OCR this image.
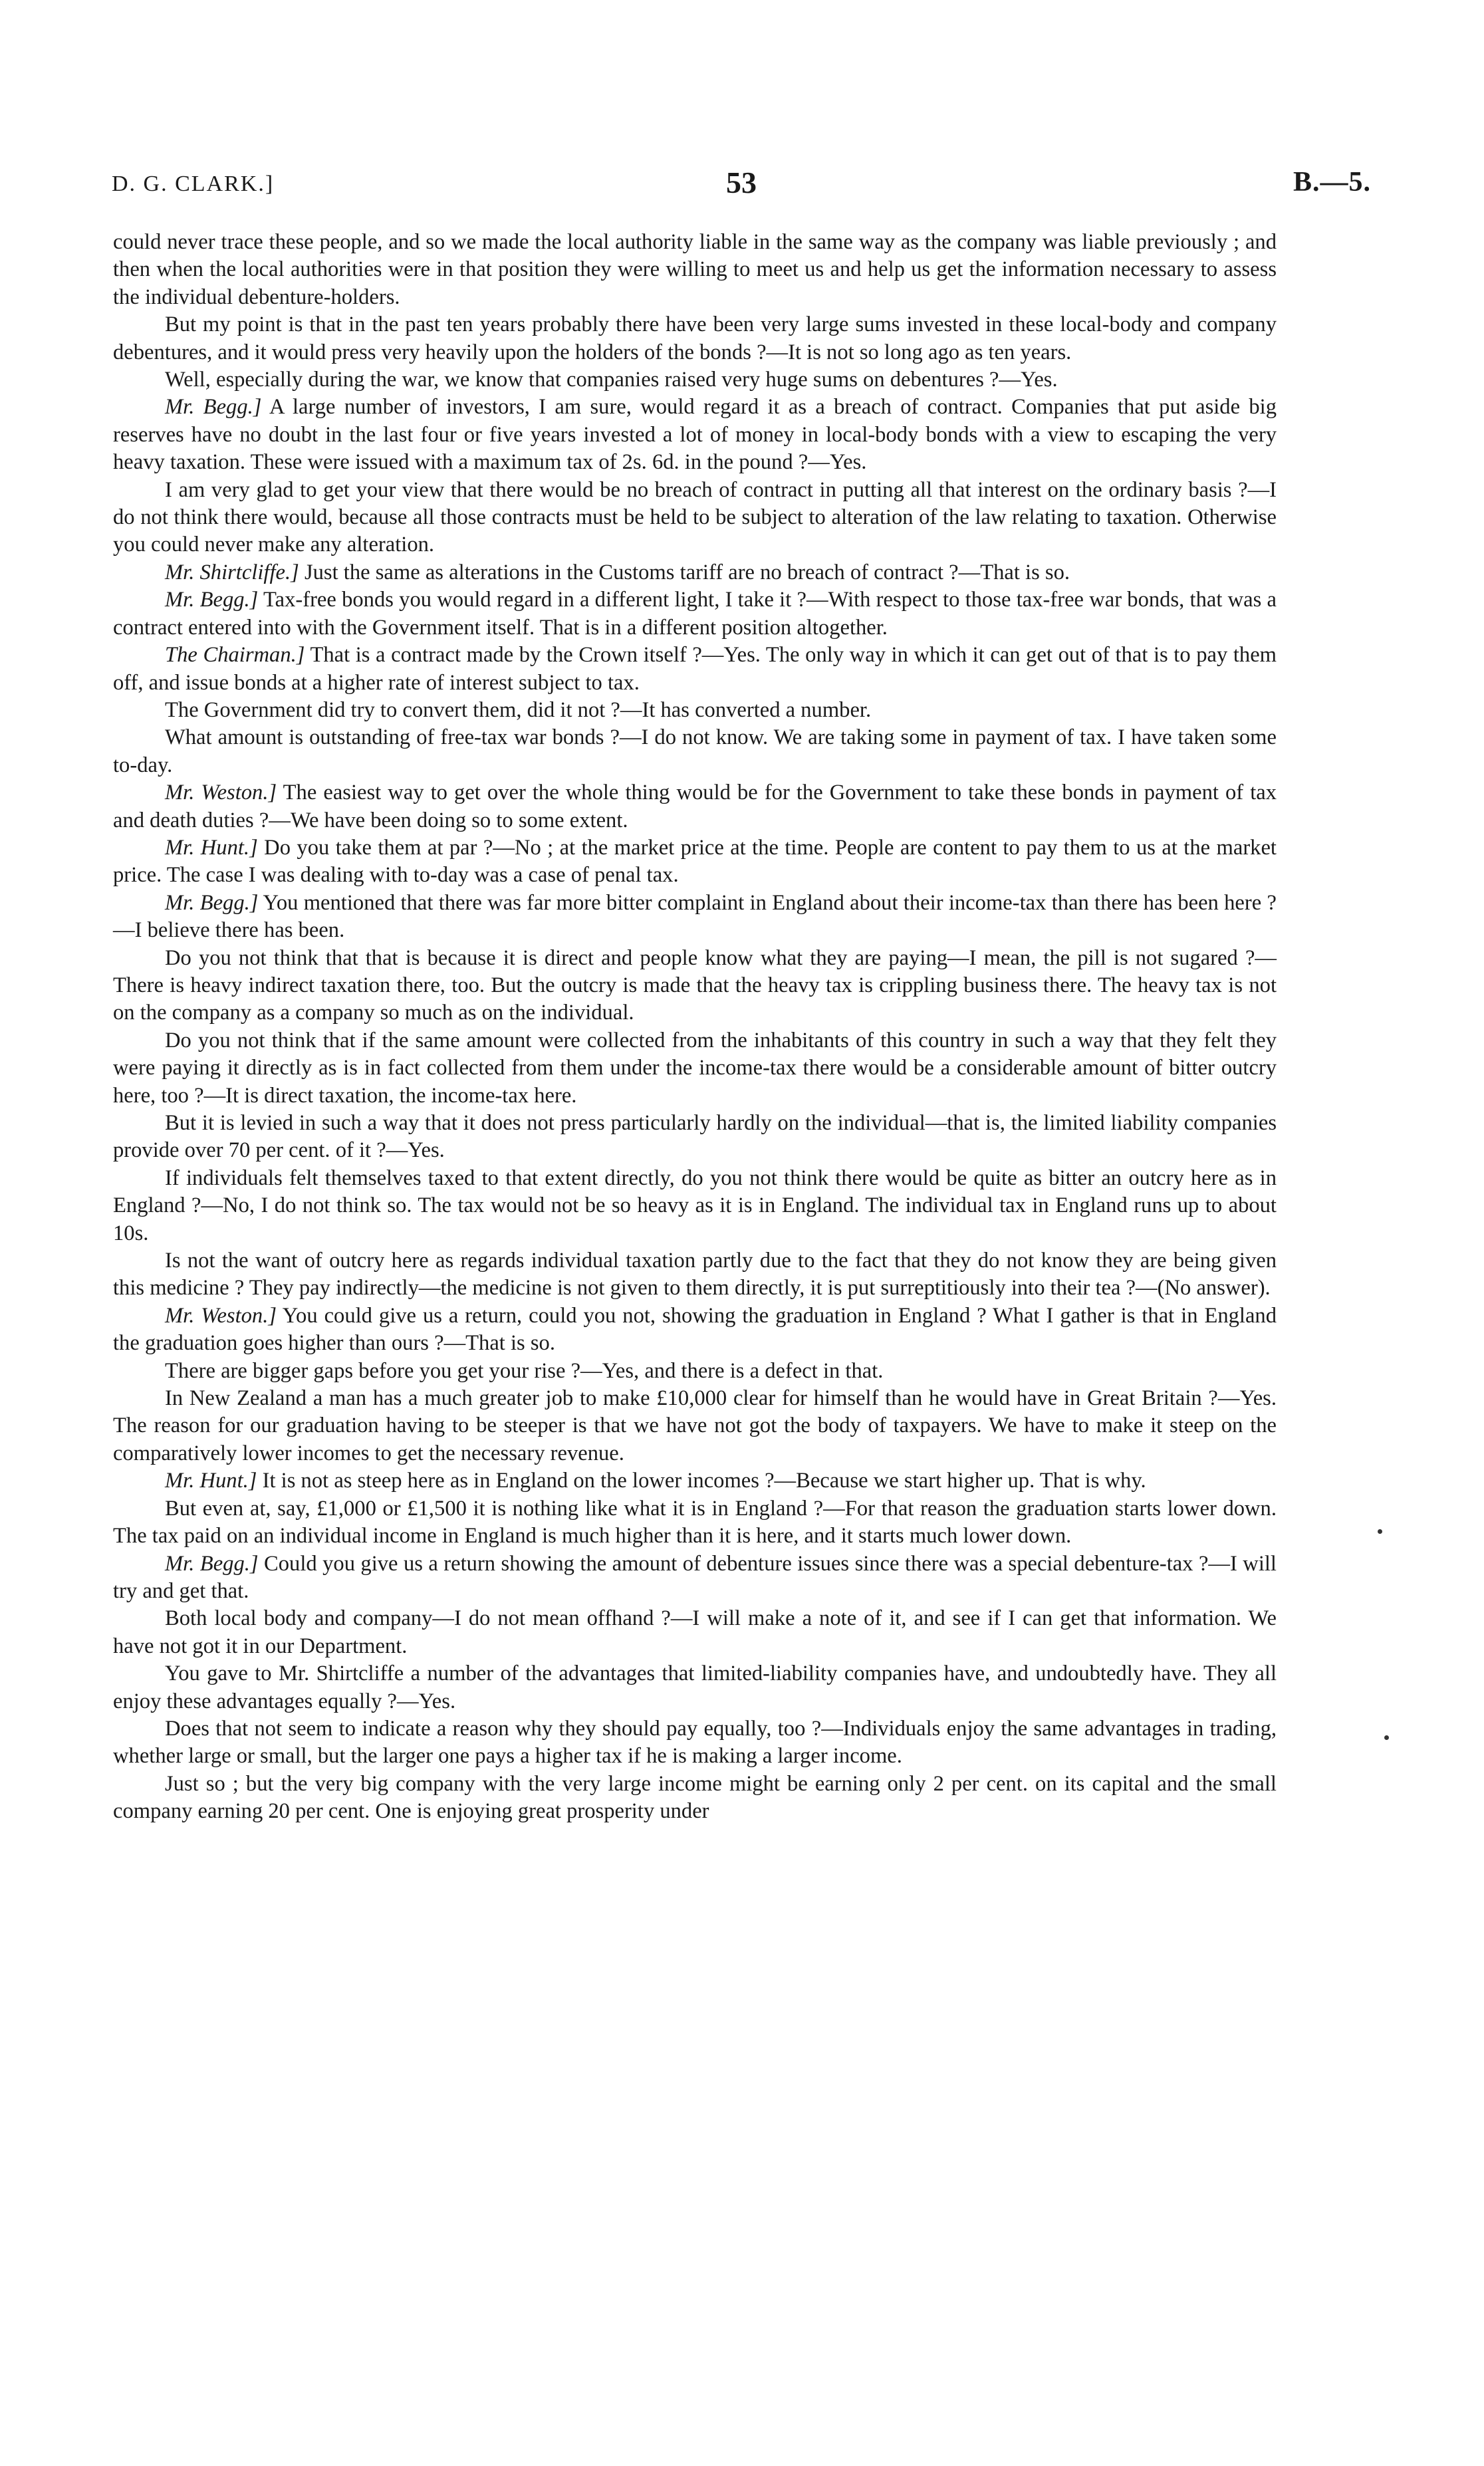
D. G. CLARK.]	53	B.—5.

could never trace these people, and so we made the local authority liable in the same way as the company was liable previously ; and then when the local authorities were in that position they were willing to meet us and help us get the information necessary to assess the individual debenture-holders.

But my point is that in the past ten years probably there have been very large sums invested in these local-body and company debentures, and it would press very heavily upon the holders of the bonds ?—It is not so long ago as ten years.

Well, especially during the war, we know that companies raised very huge sums on debentures ?—Yes.

Mr. Begg.] A large number of investors, I am sure, would regard it as a breach of contract. Companies that put aside big reserves have no doubt in the last four or five years invested a lot of money in local-body bonds with a view to escaping the very heavy taxation. These were issued with a maximum tax of 2s. 6d. in the pound ?—Yes.

I am very glad to get your view that there would be no breach of contract in putting all that interest on the ordinary basis ?—I do not think there would, because all those contracts must be held to be subject to alteration of the law relating to taxation. Otherwise you could never make any alteration.

Mr. Shirtcliffe.] Just the same as alterations in the Customs tariff are no breach of contract ?—That is so.

Mr. Begg.] Tax-free bonds you would regard in a different light, I take it ?—With respect to those tax-free war bonds, that was a contract entered into with the Government itself. That is in a different position altogether.

The Chairman.] That is a contract made by the Crown itself ?—Yes. The only way in which it can get out of that is to pay them off, and issue bonds at a higher rate of interest subject to tax.

The Government did try to convert them, did it not ?—It has converted a number.

What amount is outstanding of free-tax war bonds ?—I do not know. We are taking some in payment of tax. I have taken some to-day.

Mr. Weston.] The easiest way to get over the whole thing would be for the Government to take these bonds in payment of tax and death duties ?—We have been doing so to some extent.

Mr. Hunt.] Do you take them at par ?—No ; at the market price at the time. People are content to pay them to us at the market price. The case I was dealing with to-day was a case of penal tax.

Mr. Begg.] You mentioned that there was far more bitter complaint in England about their income-tax than there has been here ?—I believe there has been.

Do you not think that that is because it is direct and people know what they are paying—I mean, the pill is not sugared ?—There is heavy indirect taxation there, too. But the outcry is made that the heavy tax is crippling business there. The heavy tax is not on the company as a company so much as on the individual.

Do you not think that if the same amount were collected from the inhabitants of this country in such a way that they felt they were paying it directly as is in fact collected from them under the income-tax there would be a considerable amount of bitter outcry here, too ?—It is direct taxation, the income-tax here.

But it is levied in such a way that it does not press particularly hardly on the individual—that is, the limited liability companies provide over 70 per cent. of it ?—Yes.

If individuals felt themselves taxed to that extent directly, do you not think there would be quite as bitter an outcry here as in England ?—No, I do not think so. The tax would not be so heavy as it is in England. The individual tax in England runs up to about 10s.

Is not the want of outcry here as regards individual taxation partly due to the fact that they do not know they are being given this medicine ? They pay indirectly—the medicine is not given to them directly, it is put surreptitiously into their tea ?—(No answer).

Mr. Weston.] You could give us a return, could you not, showing the graduation in England ? What I gather is that in England the graduation goes higher than ours ?—That is so.

There are bigger gaps before you get your rise ?—Yes, and there is a defect in that.

In New Zealand a man has a much greater job to make £10,000 clear for himself than he would have in Great Britain ?—Yes. The reason for our graduation having to be steeper is that we have not got the body of taxpayers. We have to make it steep on the comparatively lower incomes to get the necessary revenue.

Mr. Hunt.] It is not as steep here as in England on the lower incomes ?—Because we start higher up. That is why.

But even at, say, £1,000 or £1,500 it is nothing like what it is in England ?—For that reason the graduation starts lower down. The tax paid on an individual income in England is much higher than it is here, and it starts much lower down.

Mr. Begg.] Could you give us a return showing the amount of debenture issues since there was a special debenture-tax ?—I will try and get that.

Both local body and company—I do not mean offhand ?—I will make a note of it, and see if I can get that information. We have not got it in our Department.

You gave to Mr. Shirtcliffe a number of the advantages that limited-liability companies have, and undoubtedly have. They all enjoy these advantages equally ?—Yes.

Does that not seem to indicate a reason why they should pay equally, too ?—Individuals enjoy the same advantages in trading, whether large or small, but the larger one pays a higher tax if he is making a larger income.

Just so ; but the very big company with the very large income might be earning only 2 per cent. on its capital and the small company earning 20 per cent. One is enjoying great prosperity under
